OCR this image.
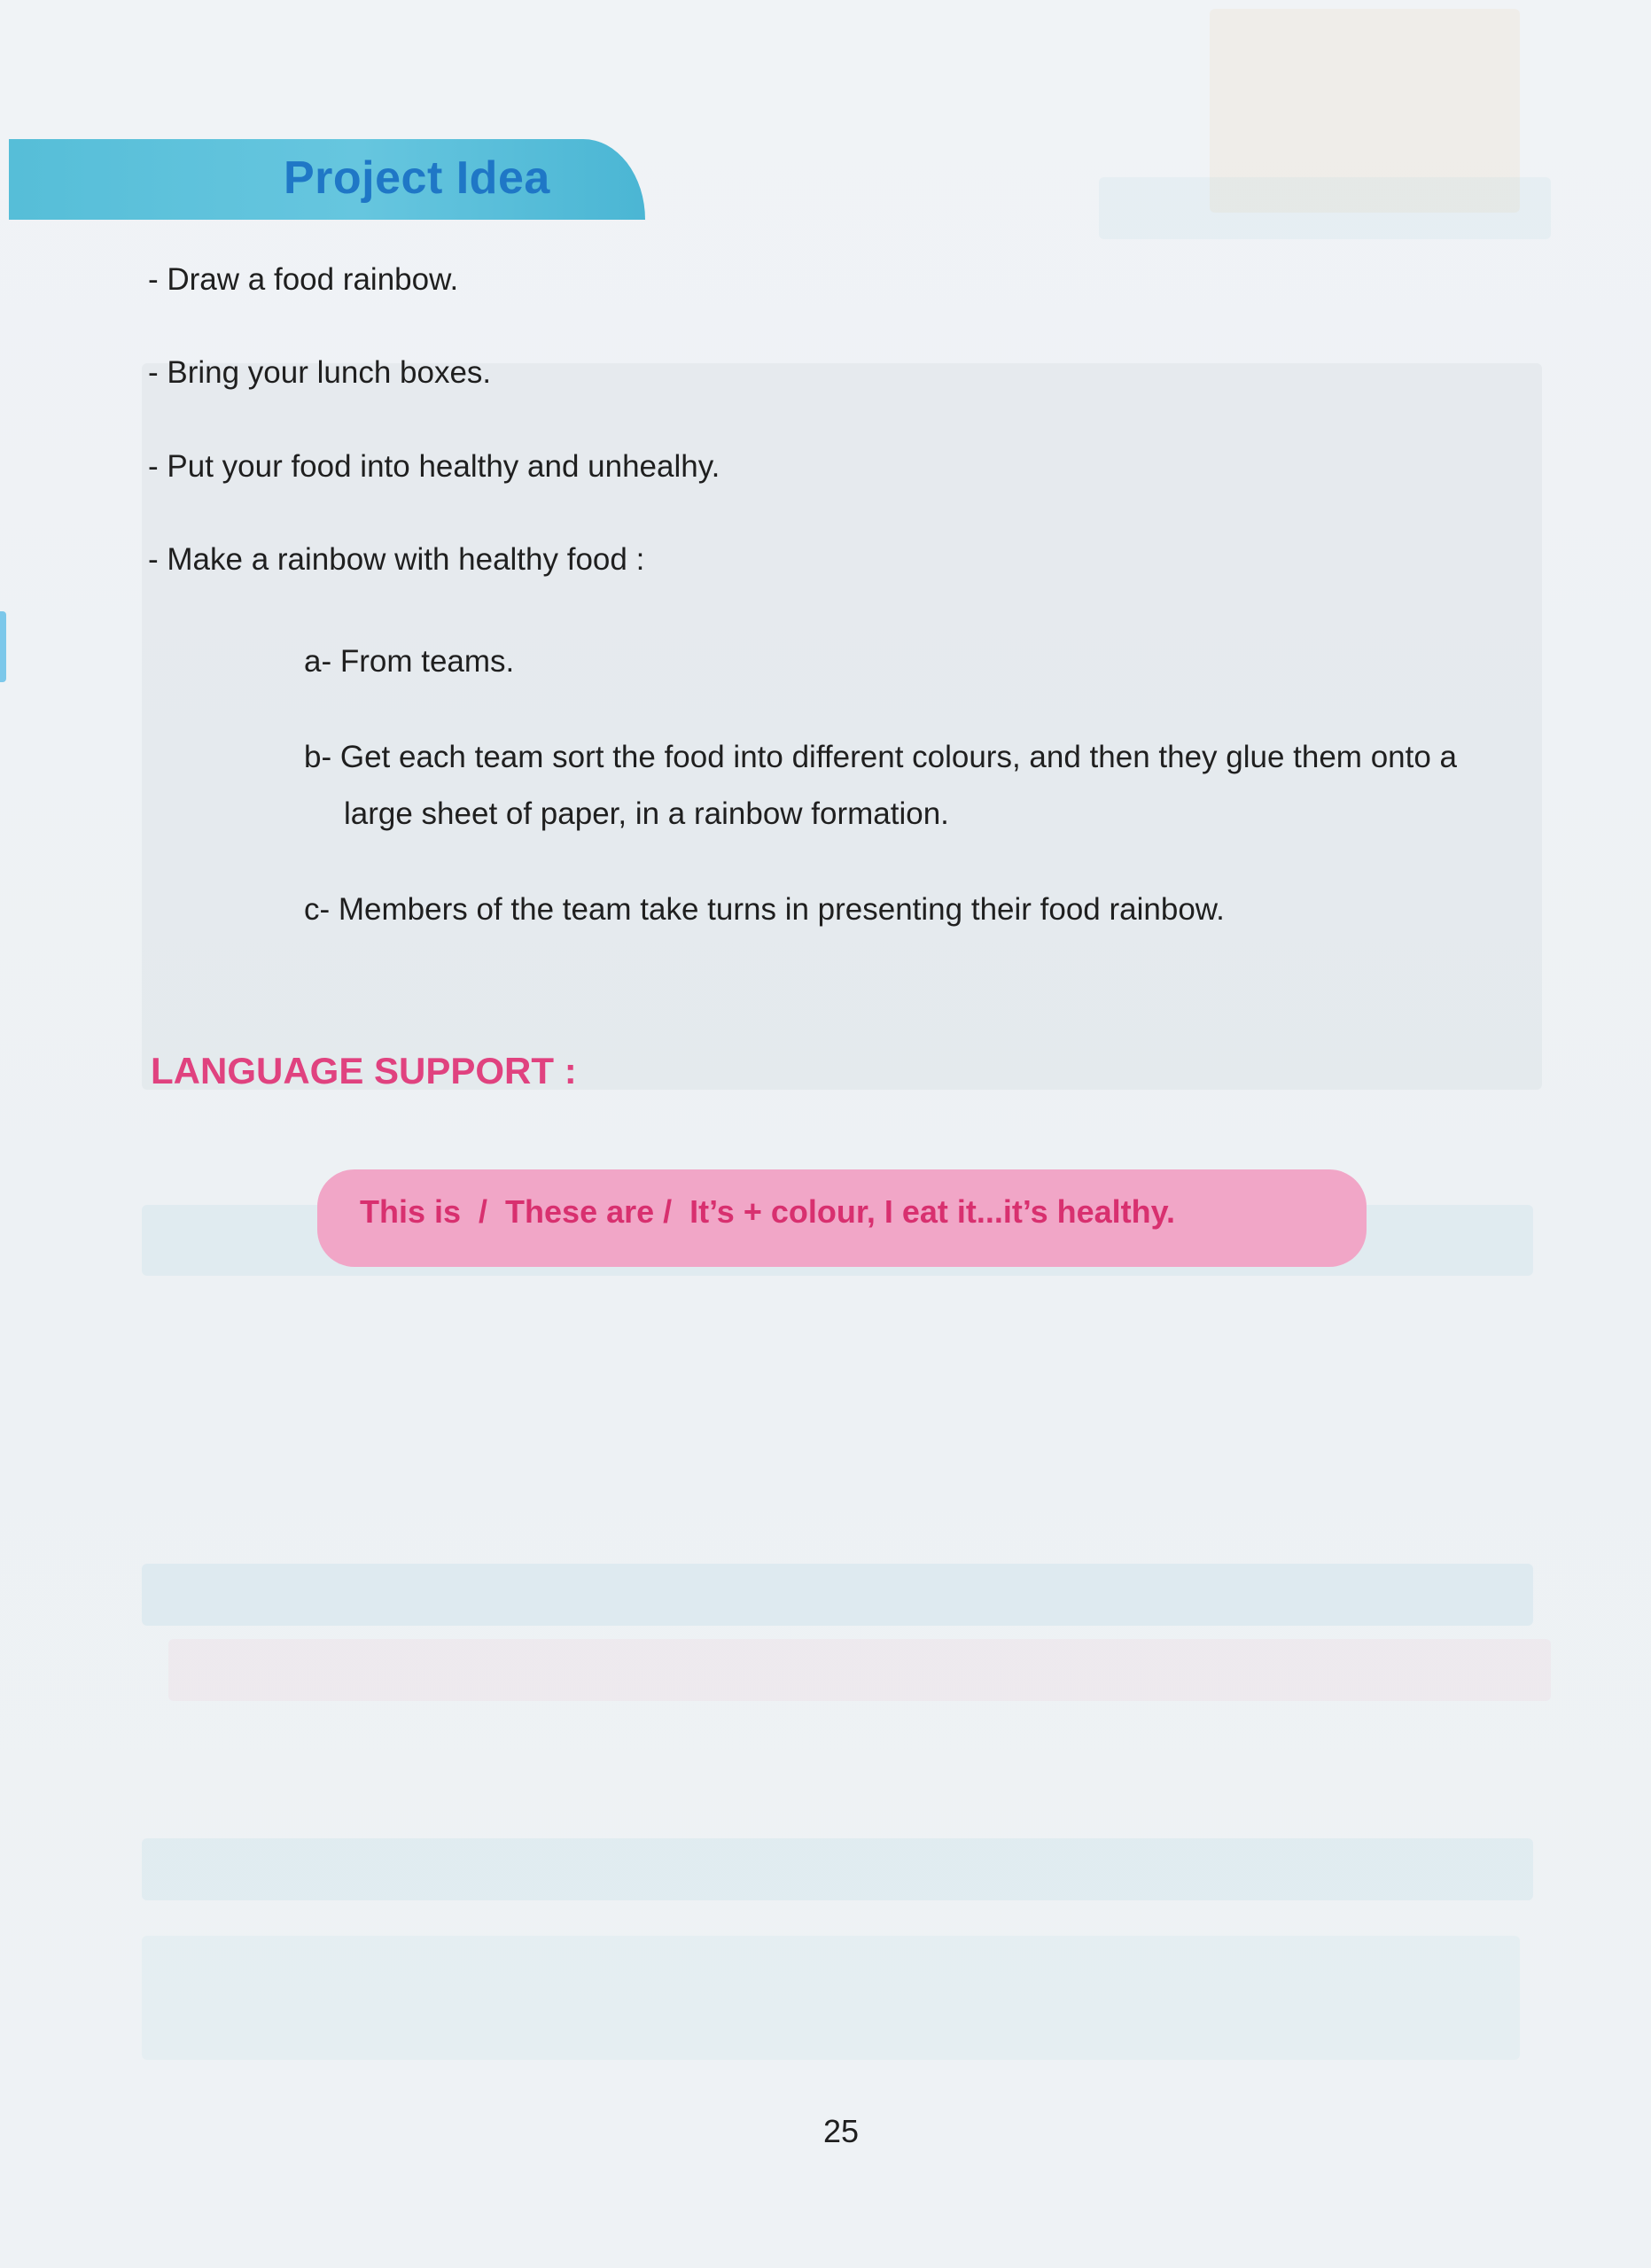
Project Idea
- Draw a food rainbow.
- Bring your lunch boxes.
- Put your food into healthy and unhealhy.
- Make a rainbow with healthy food :
a- From teams.
b- Get each team sort the food into different colours, and then they glue them onto a
large sheet of paper, in a rainbow formation.
c- Members of the team take turns in presenting their food rainbow.
LANGUAGE SUPPORT :
This is  /  These are /  It’s + colour, I eat it...it’s healthy.
25
